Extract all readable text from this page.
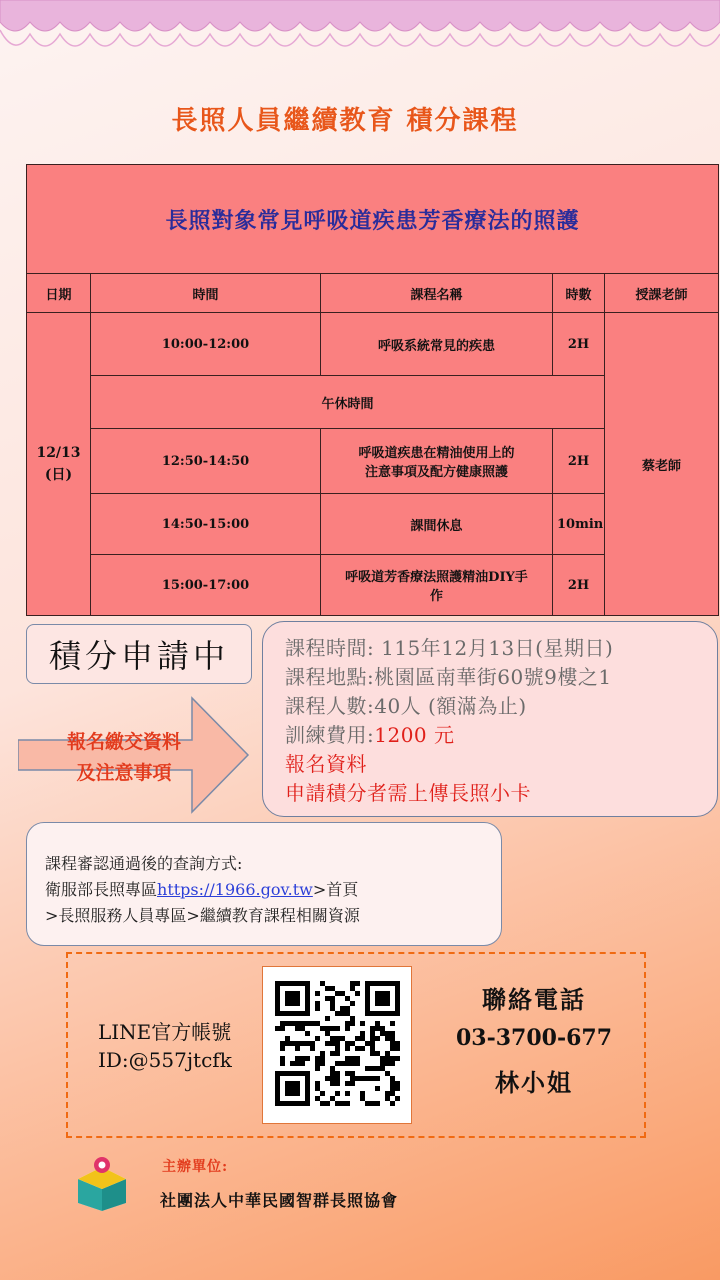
長照人員繼續教育 積分課程
長照對象常見呼吸道疾患芳香療法的照護				
日期	時間	課程名稱	時數	授課老師

12/13
(日)	10:00-12:00	呼吸系統常見的疾患	2H	蔡老師
	午休時間			
	12:50-14:50	呼吸道疾患在精油使用上的
注意事項及配方健康照護	2H	
	14:50-15:00	課間休息	10min	
	15:00-17:00	呼吸道芳香療法照護精油DIY手
作	2H	
積分申請中
報名繳交資料
及注意事項
課程時間: 115年12月13日(星期日)
課程地點:桃園區南華街60號9樓之1
課程人數:40人 (額滿為止)
訓練費用:1200 元
報名資料
申請積分者需上傳長照小卡
課程審認通過後的查詢方式:
衛服部長照專區https://1966.gov.tw>首頁
>長照服務人員專區>繼續教育課程相關資源
LINE官方帳號
ID:@557jtcfk
聯絡電話
03-3700-677
林小姐
主辦單位:
社團法人中華民國智群長照協會
